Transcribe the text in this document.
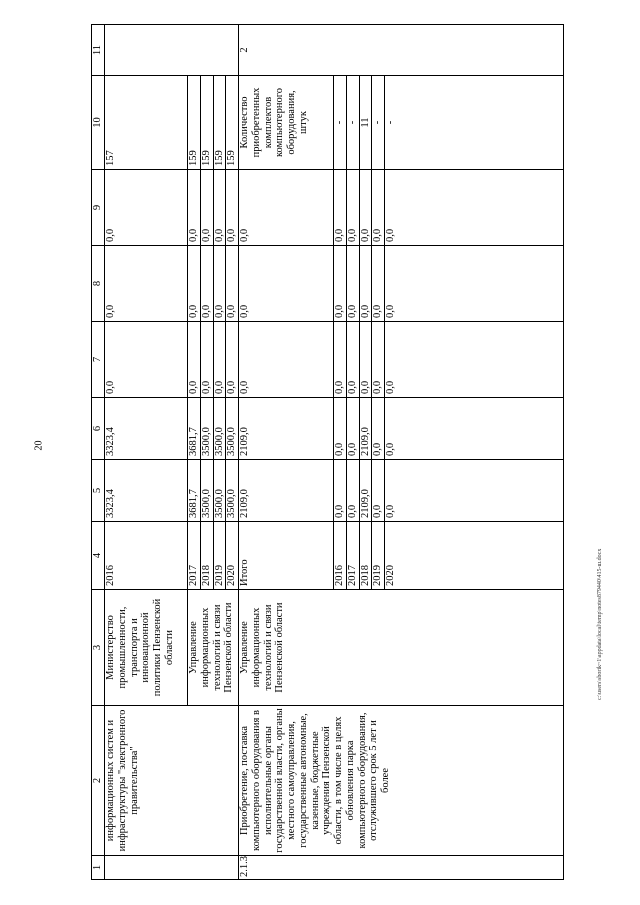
20
c:\users\sborik~1\appdata\local\temp\notes879440\415-ш.docx
1	2	3	4	5	6	7	8	9	10	11
	информационных систем и инфраструктуры "электронного правительства"	Министерство промышленности, транспорта и инновационной политики Пензенской области	2016	3323,4	3323,4	0,0	0,0	0,0	157	
		Управление информационных технологий и связи Пензенской области	2017	3681,7	3681,7	0,0	0,0	0,0	159	
			2018	3500,0	3500,0	0,0	0,0	0,0	159	
			2019	3500,0	3500,0	0,0	0,0	0,0	159	
			2020	3500,0	3500,0	0,0	0,0	0,0	159	
2.1.3	Приобретение, поставка компьютерного оборудования в исполнительные органы государственной власти, органы местного самоуправления, государственные автономные, казенные, бюджетные учреждения Пензенской области, в том числе в целях обновления парка компьютерного оборудования, отслужившего срок 5 лет и более	Управление информационных технологий и связи Пензенской области	Итого	2109,0	2109,0	0,0	0,0	0,0	Количество приобретенных комплектов компьютерного оборудования, штук	2
			2016	0,0	0,0	0,0	0,0	0,0	-	
			2017	0,0	0,0	0,0	0,0	0,0	-	
			2018	2109,0	2109,0	0,0	0,0	0,0	11	
			2019	0,0	0,0	0,0	0,0	0,0	-	
			2020	0,0	0,0	0,0	0,0	0,0	-	
